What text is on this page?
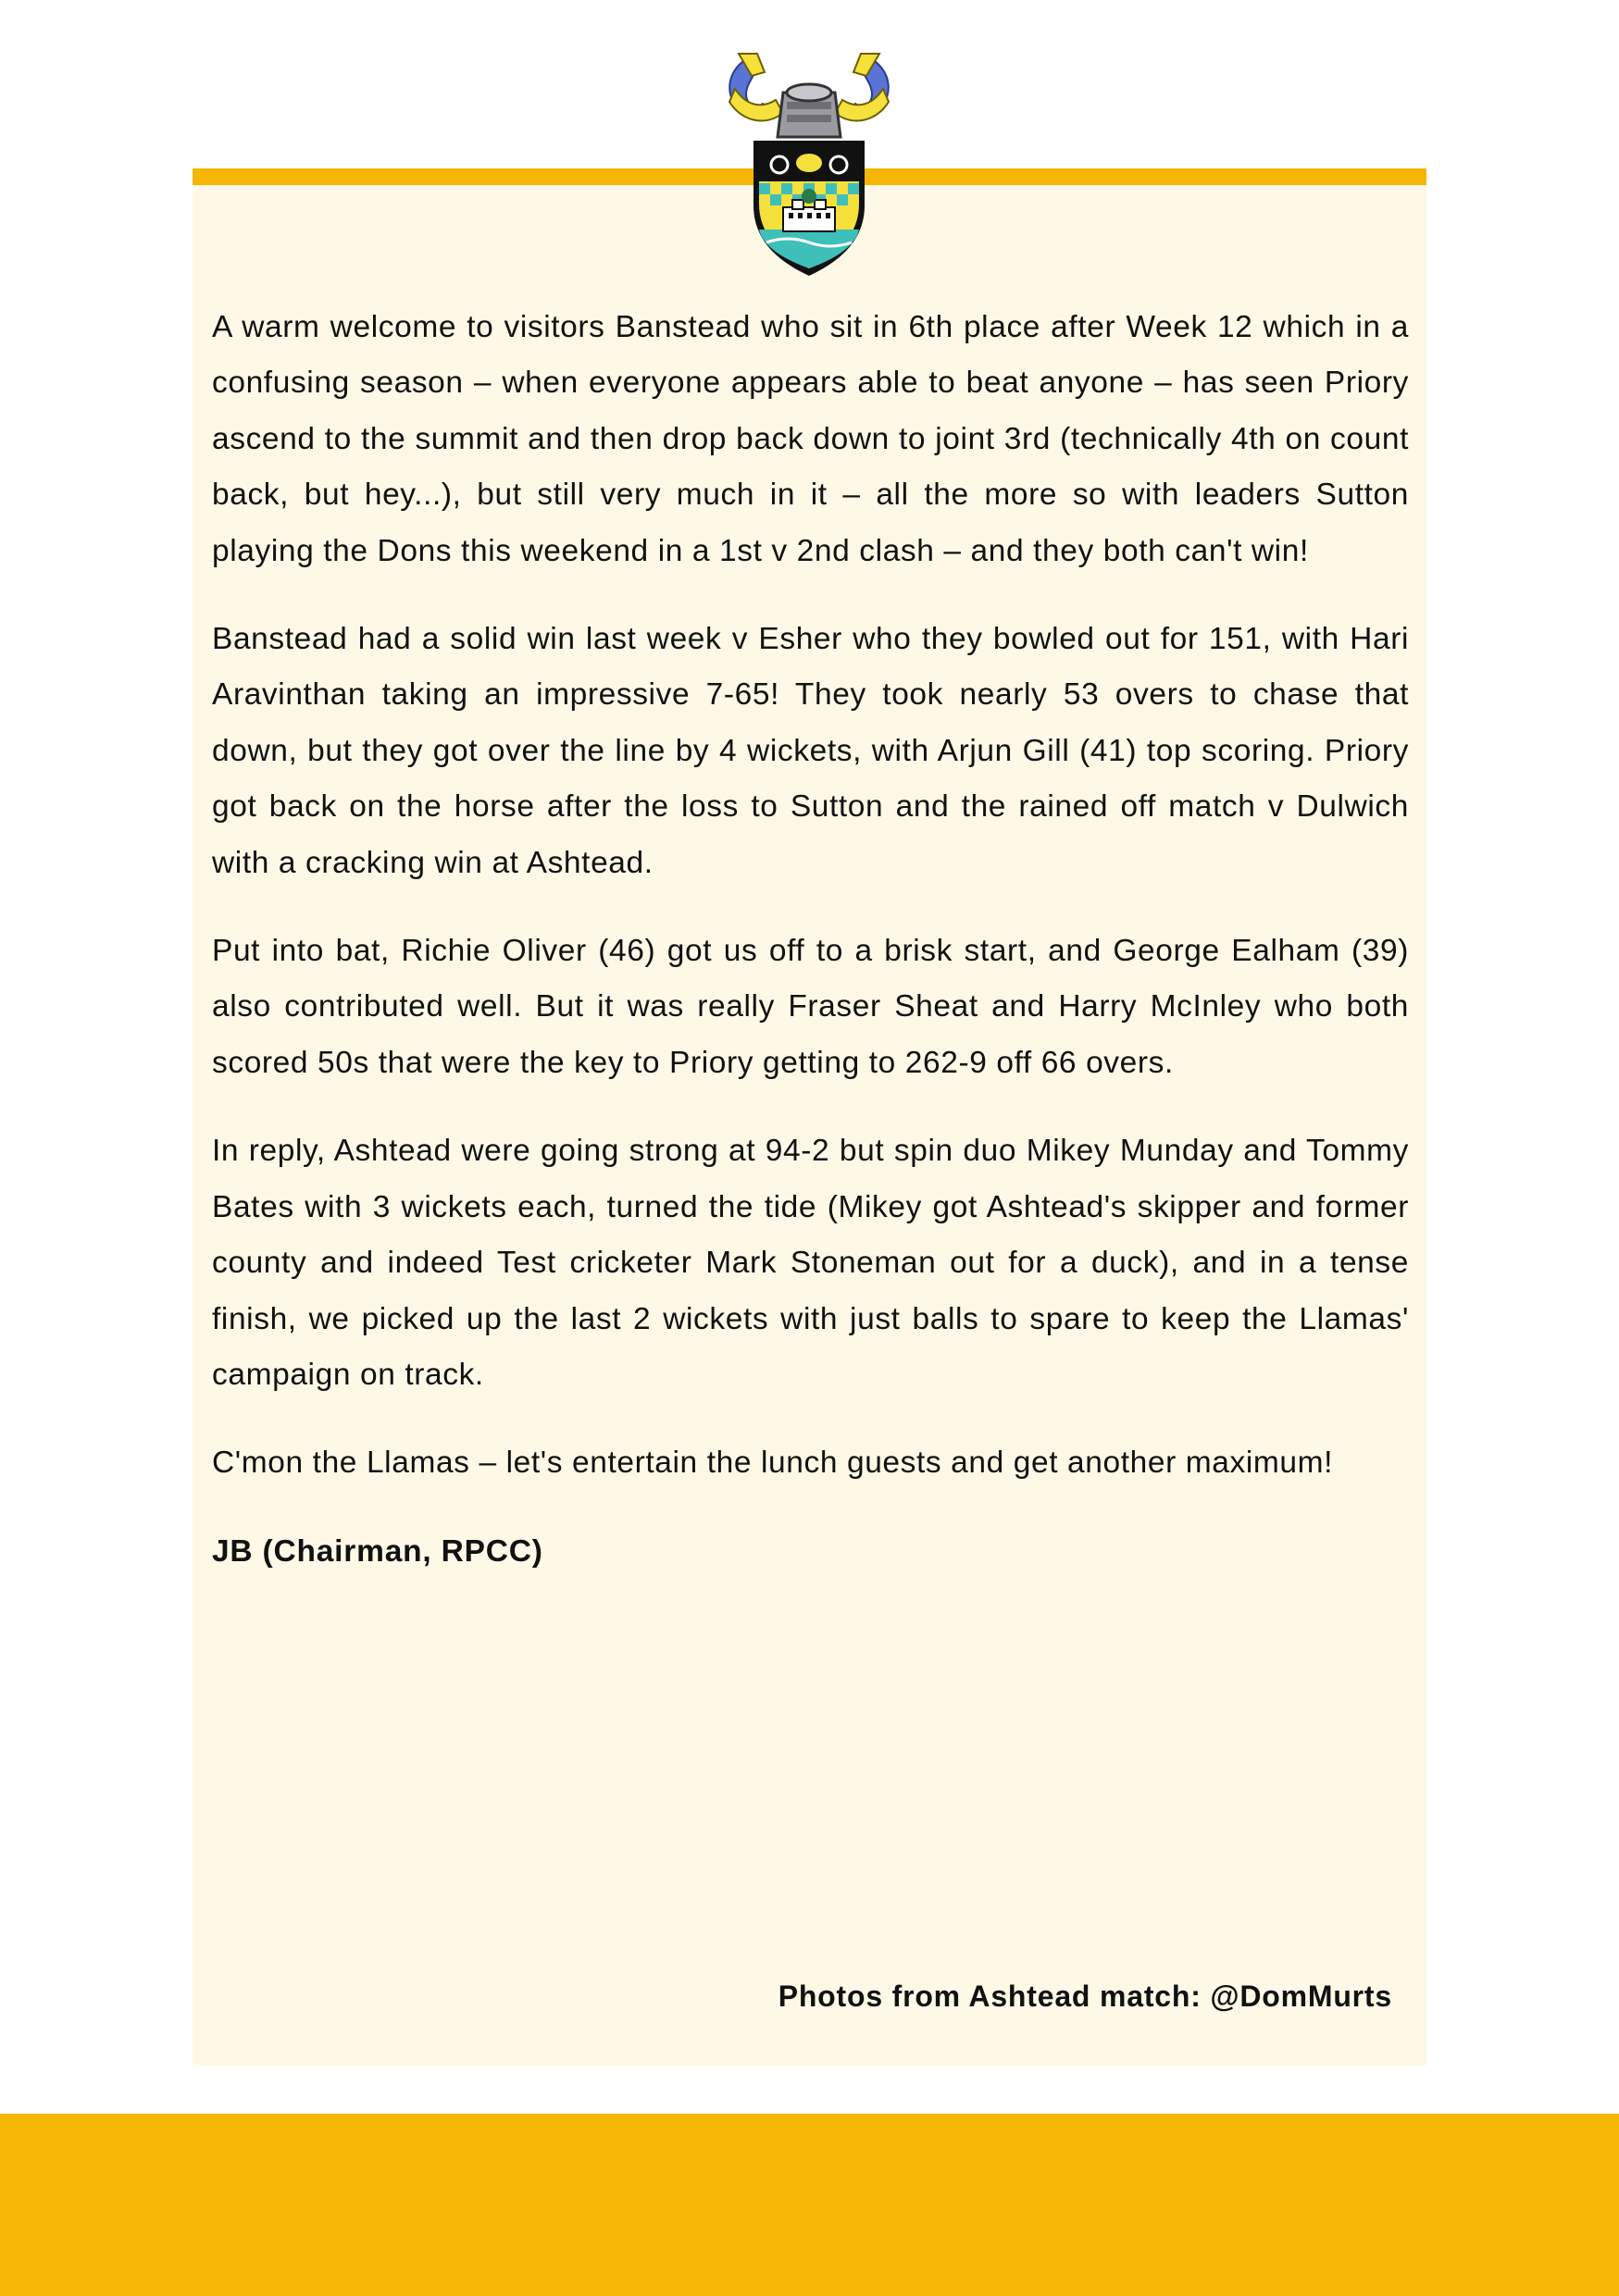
A warm welcome to visitors Banstead who sit in 6th place after Week 12 which in a confusing season – when everyone appears able to beat anyone – has seen Priory ascend to the summit and then drop back down to joint 3rd (technically 4th on count back, but hey...), but still very much in it – all the more so with leaders Sutton playing the Dons this weekend in a 1st v 2nd clash – and they both can't win!

Banstead had a solid win last week v Esher who they bowled out for 151, with Hari Aravinthan taking an impressive 7-65! They took nearly 53 overs to chase that down, but they got over the line by 4 wickets, with Arjun Gill (41) top scoring. Priory got back on the horse after the loss to Sutton and the rained off match v Dulwich with a cracking win at Ashtead.

Put into bat, Richie Oliver (46) got us off to a brisk start, and George Ealham (39) also contributed well. But it was really Fraser Sheat and Harry McInley who both scored 50s that were the key to Priory getting to 262-9 off 66 overs.

In reply, Ashtead were going strong at 94-2 but spin duo Mikey Munday and Tommy Bates with 3 wickets each, turned the tide (Mikey got Ashtead's skipper and former county and indeed Test cricketer Mark Stoneman out for a duck), and in a tense finish, we picked up the last 2 wickets with just balls to spare to keep the Llamas' campaign on track.

C'mon the Llamas – let's entertain the lunch guests and get another maximum!

JB (Chairman, RPCC)
Photos from Ashtead match: @DomMurts
